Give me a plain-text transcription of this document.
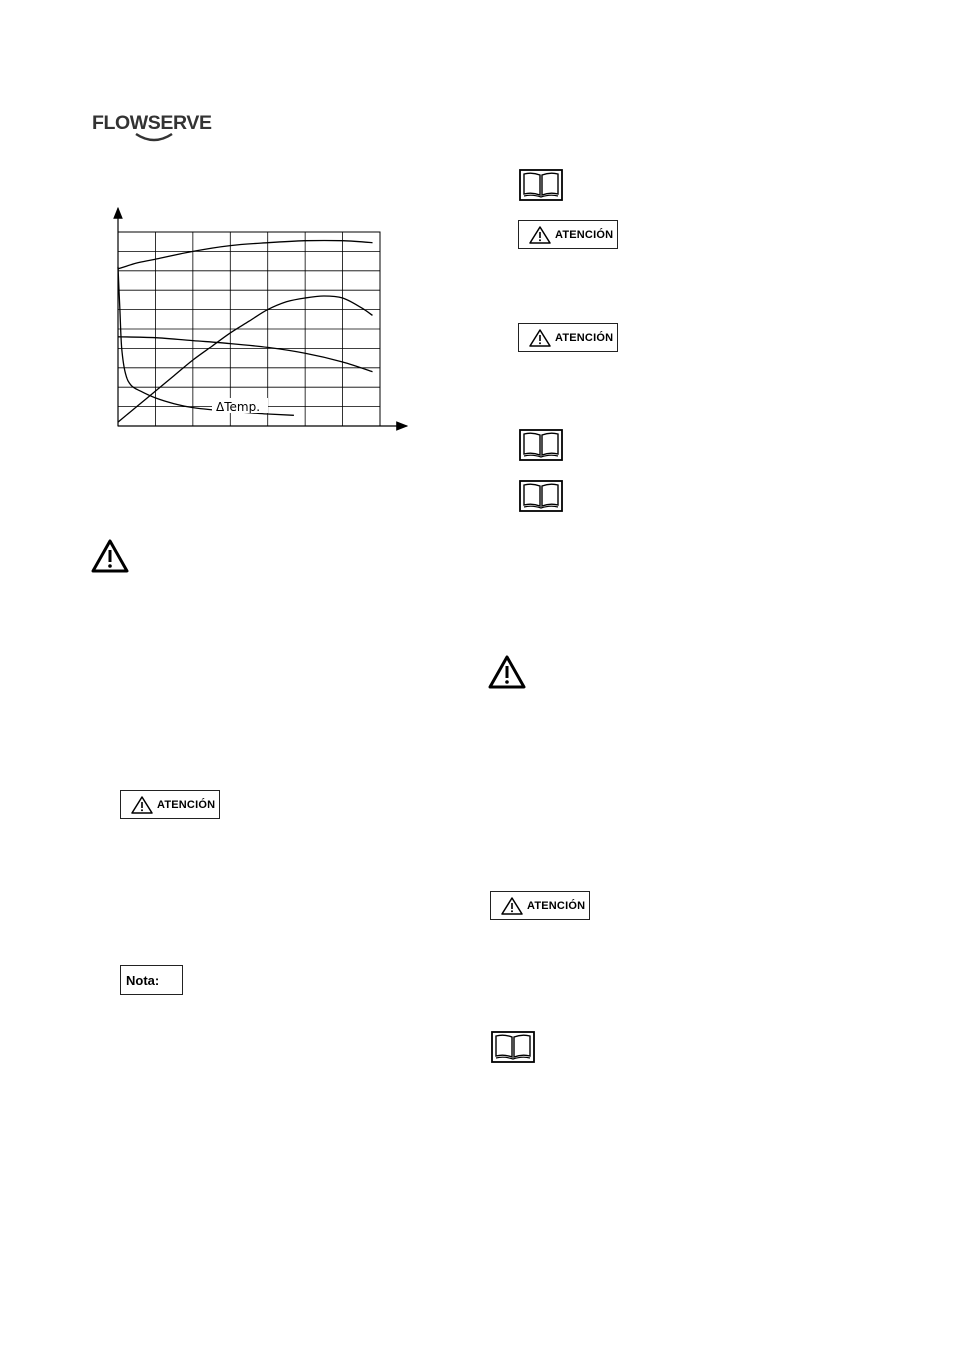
FLOWSERVE
ΔTemp.
ATENCIÓN
Nota:
ATENCIÓN
ATENCIÓN
ATENCIÓN
